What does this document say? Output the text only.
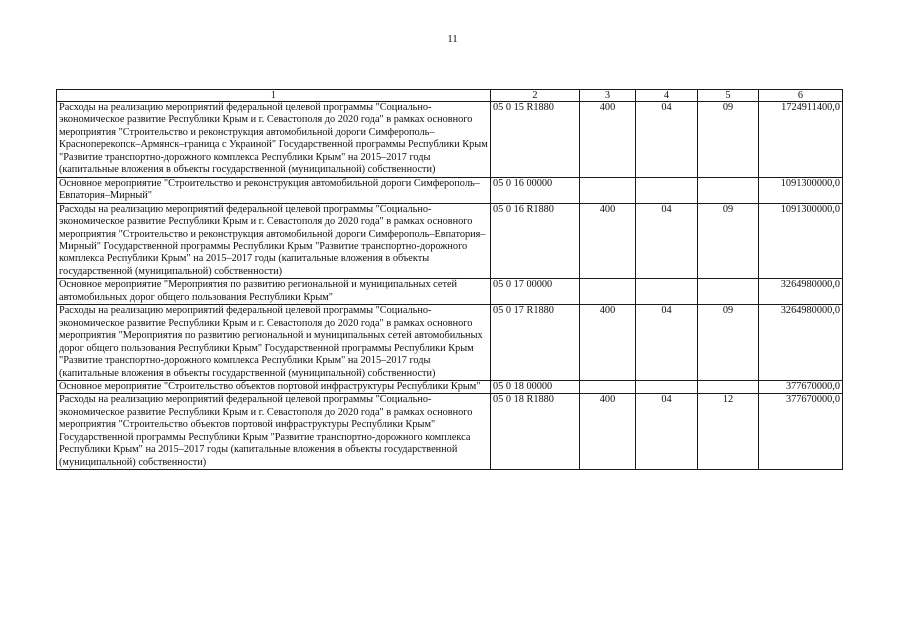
11
1	2	3	4	5	6
Расходы на реализацию мероприятий федеральной целевой программы "Социально-экономическое развитие Республики Крым и г. Севастополя до 2020 года" в рамках основного мероприятия "Строительство и реконструкция автомобильной дороги Симферополь–Красноперекопск–Армянск–граница с Украиной" Государственной программы Республики Крым "Развитие транспортно-дорожного комплекса Республики Крым" на 2015–2017 годы (капитальные вложения в объекты государственной (муниципальной) собственности)	05 0 15 R1880	400	04	09	1724911400,0
Основное мероприятие "Строительство и реконструкция автомобильной дороги Симферополь–Евпатория–Мирный"	05 0 16 00000				1091300000,0
Расходы на реализацию мероприятий федеральной целевой программы "Социально-экономическое развитие Республики Крым и г. Севастополя до 2020 года" в рамках основного мероприятия "Строительство и реконструкция автомобильной дороги Симферополь–Евпатория–Мирный" Государственной программы Республики Крым "Развитие транспортно-дорожного комплекса Республики Крым" на 2015–2017 годы (капитальные вложения в объекты государственной (муниципальной) собственности)	05 0 16 R1880	400	04	09	1091300000,0
Основное мероприятие "Мероприятия по развитию региональной и муниципальных сетей автомобильных дорог общего пользования Республики Крым"	05 0 17 00000				3264980000,0
Расходы на реализацию мероприятий федеральной целевой программы "Социально-экономическое развитие Республики Крым и г. Севастополя до 2020 года" в рамках основного мероприятия "Мероприятия по развитию региональной и муниципальных сетей автомобильных дорог общего пользования Республики Крым" Государственной программы Республики Крым "Развитие транспортно-дорожного комплекса Республики Крым" на 2015–2017 годы (капитальные вложения в объекты государственной (муниципальной) собственности)	05 0 17 R1880	400	04	09	3264980000,0
Основное мероприятие "Строительство объектов портовой инфраструктуры Республики Крым"	05 0 18 00000				377670000,0
Расходы на реализацию мероприятий федеральной целевой программы "Социально-экономическое развитие Республики Крым и г. Севастополя до 2020 года" в рамках основного мероприятия "Строительство объектов портовой инфраструктуры Республики Крым" Государственной программы Республики Крым "Развитие транспортно-дорожного комплекса Республики Крым" на 2015–2017 годы (капитальные вложения в объекты государственной (муниципальной) собственности)	05 0 18 R1880	400	04	12	377670000,0
